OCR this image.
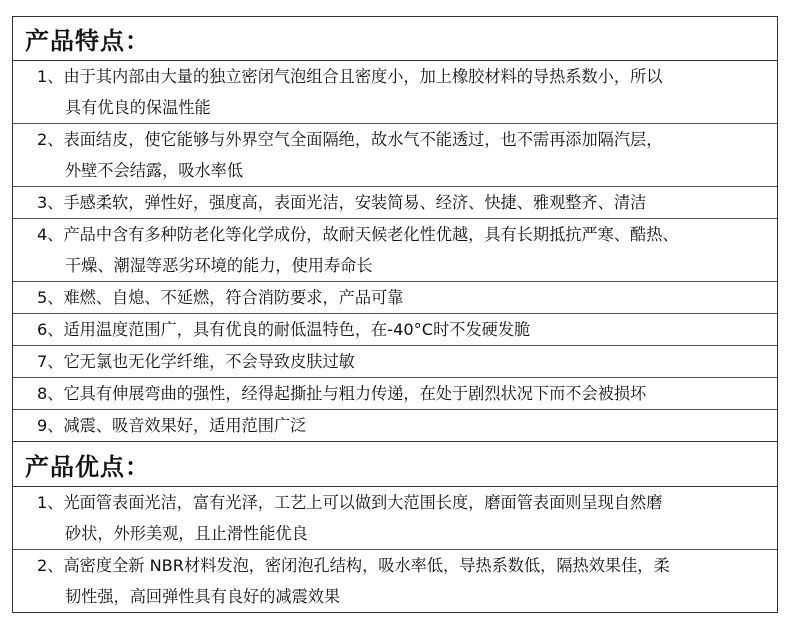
产品特点：
1、由于其内部由大量的独立密闭气泡组合且密度小，加上橡胶材料的导热系数小，所以
具有优良的保温性能
2、表面结皮，使它能够与外界空气全面隔绝，故水气不能透过，也不需再添加隔汽层，
外壁不会结露，吸水率低
3、手感柔软，弹性好，强度高，表面光洁，安装简易、经济、快捷、雅观整齐、清洁
4、产品中含有多种防老化等化学成份，故耐天候老化性优越，具有长期抵抗严寒、酷热、
干燥、潮湿等恶劣环境的能力，使用寿命长
5、难燃、自熄、不延燃，符合消防要求，产品可靠
6、适用温度范围广，具有优良的耐低温特色，在-40°C时不发硬发脆
7、它无氯也无化学纤维，不会导致皮肤过敏
8、它具有伸展弯曲的强性，经得起撕扯与粗力传递，在处于剧烈状况下而不会被损坏
9、减震、吸音效果好，适用范围广泛
产品优点：
1、光面管表面光洁，富有光泽，工艺上可以做到大范围长度，磨面管表面则呈现自然磨
砂状，外形美观，且止滑性能优良
2、高密度全新 NBR材料发泡，密闭泡孔结构，吸水率低，导热系数低，隔热效果佳，柔
韧性强，高回弹性具有良好的减震效果
